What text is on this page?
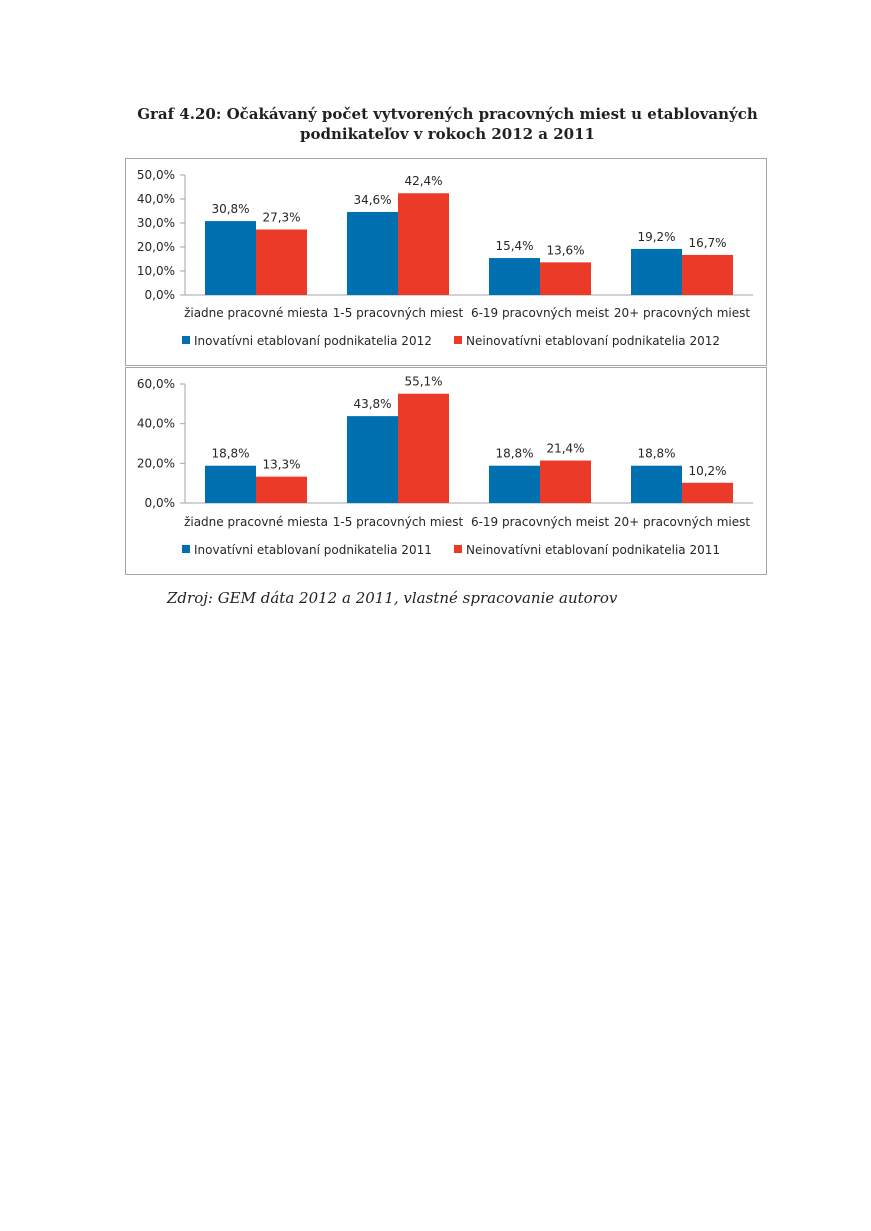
Graf 4.20: Očakávaný počet vytvorených pracovných miest u etablovaných
podnikateľov v rokoch 2012 a 2011
0,0%
10,0%
20,0%
30,0%
40,0%
50,0%
30,8%
27,3%
žiadne pracovné miesta
34,6%
42,4%
1-5 pracovných miest
15,4% 13,6%
6-19 pracovných meist
19,2% 16,7%
20+ pracovných miest
Inovatívni etablovaní podnikatelia 2012	Neinovatívni etablovaní podnikatelia 2012
0,0%
20,0%
40,0%
60,0%
18,8%
13,3%
žiadne pracovné miesta
43,8%
55,1%
1-5 pracovných miest
18,8% 21,4%
6-19 pracovných meist
18,8%
10,2%
20+ pracovných miest
Inovatívni etablovaní podnikatelia 2011	Neinovatívni etablovaní podnikatelia 2011
Zdroj: GEM dáta 2012 a 2011, vlastné spracovanie autorov
